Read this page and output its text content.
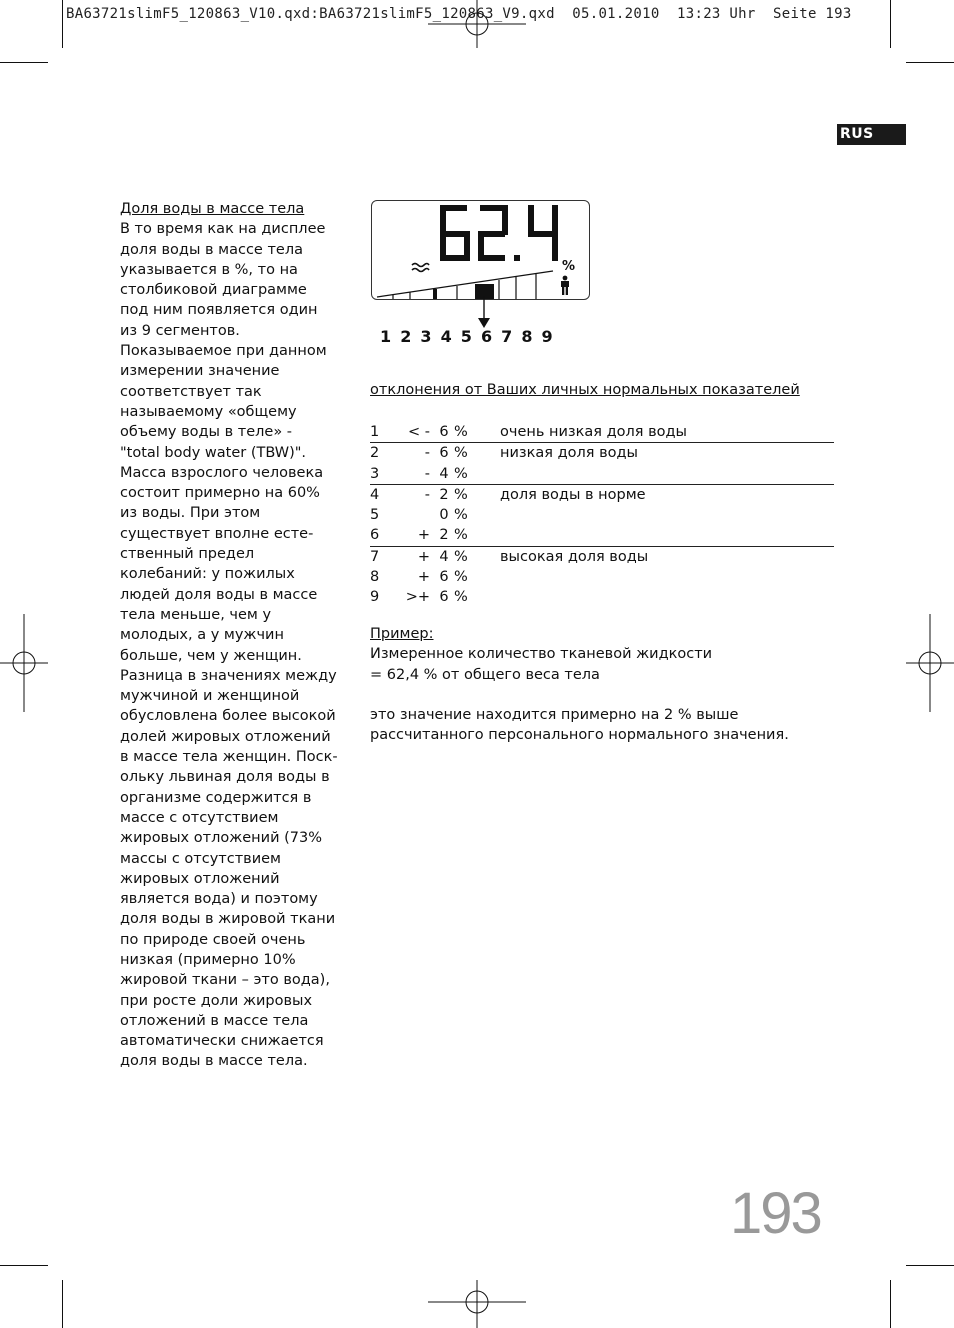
BA63721slimF5_120863_V10.qxd:BA63721slimF5_120863_V9.qxd  05.01.2010  13:23 Uhr  Seite 193
RUS
Доля воды в массе тела
В то время как на дисплее
доля воды в массе тела
указывается в %, то на
столбиковой диаграмме
под ним появляется один
из 9 сегментов.
Показываемое при данном
измерении значение
соответствует так
называемому «общему
объему воды в теле» -
"total body water (TBW)".
Масса взрослого человека
состоит примерно на 60%
из воды. При этом
существует вполне есте-
ственный предел
колебаний: у пожилых
людей доля воды в массе
тела меньше, чем у
молодых, а у мужчин
больше, чем у женщин.
Разница в значениях между
мужчиной и женщиной
обусловлена более высокой
долей жировых отложений
в массе тела женщин. Поск-
ольку львиная доля воды в
организме содержится в
массе с отсутствием
жировых отложений (73%
массы с отсутствием
жировых отложений
является вода) и поэтому
доля воды в жировой ткани
по природе своей очень
низкая (примерно 10%
жировой ткани – это вода),
при росте доли жировых
отложений в массе тела
автоматически снижается
доля воды в массе тела.
%
1 2 3 4 5 6 7 8 9
отклонения от Ваших личных нормальных показателей
1	< -	6	%	очень низкая доля воды
2	-	6	%	низкая доля воды
3	-	4	%	
4	-	2	%	доля воды в норме
5		0	%	
6	+	2	%	
7	+	4	%	высокая доля воды
8	+	6	%	
9	>+	6	%	
Пример:
Измеренное количество тканевой жидкости
= 62,4 % от общего веса тела
это значение находится примерно на 2 % выше
рассчитанного персонального нормального значения.
193
